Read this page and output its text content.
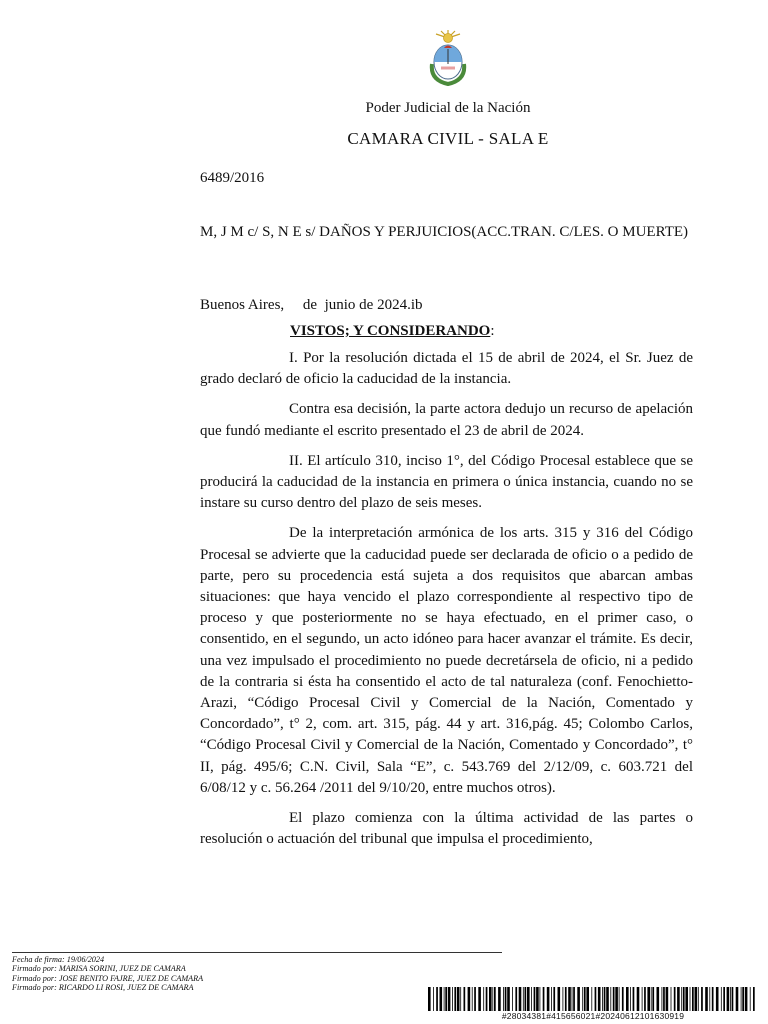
Poder Judicial de la Nación
CAMARA CIVIL - SALA E
6489/2016
M, J M c/ S, N E s/ DAÑOS Y PERJUICIOS(ACC.TRAN. C/LES. O MUERTE)
Buenos Aires,     de  junio de 2024.ib
VISTOS; Y CONSIDERANDO:

I. Por la resolución dictada el 15 de abril de 2024, el Sr. Juez de grado declaró de oficio la caducidad de la instancia.

Contra esa decisión, la parte actora dedujo un recurso de apelación que fundó mediante el escrito presentado el 23 de abril de 2024.

II. El artículo 310, inciso 1°, del Código Procesal establece que se producirá la caducidad de la instancia en primera o única instancia, cuando no se instare su curso dentro del plazo de seis meses.

De la interpretación armónica de los arts. 315 y 316 del Código Procesal se advierte que la caducidad puede ser declarada de oficio o a pedido de parte, pero su procedencia está sujeta a dos requisitos que abarcan ambas situaciones: que haya vencido el plazo correspondiente al respectivo tipo de proceso y que posteriormente no se haya efectuado, en el primer caso, o consentido, en el segundo, un acto idóneo para hacer avanzar el trámite. Es decir, una vez impulsado el procedimiento no puede decretársela de oficio, ni a pedido de la contraria si ésta ha consentido el acto de tal naturaleza (conf. Fenochietto-Arazi, “Código Procesal Civil y Comercial de la Nación, Comentado y Concordado”, t° 2, com. art. 315, pág. 44 y art. 316,pág. 45; Colombo Carlos, “Código Procesal Civil y Comercial de la Nación, Comentado y Concordado”, t° II, pág. 495/6; C.N. Civil, Sala “E”, c. 543.769 del 2/12/09, c. 603.721 del 6/08/12 y c. 56.264 /2011 del 9/10/20, entre muchos otros).

El plazo comienza con la última actividad de las partes o resolución o actuación del tribunal que impulsa el procedimiento,

Fecha de firma: 19/06/2024
Firmado por: MARISA SORINI, JUEZ DE CAMARA
Firmado por: JOSE BENITO FAJRE, JUEZ DE CAMARA
Firmado por: RICARDO LI ROSI, JUEZ DE CAMARA
#28034381#415656021#20240612101630919
